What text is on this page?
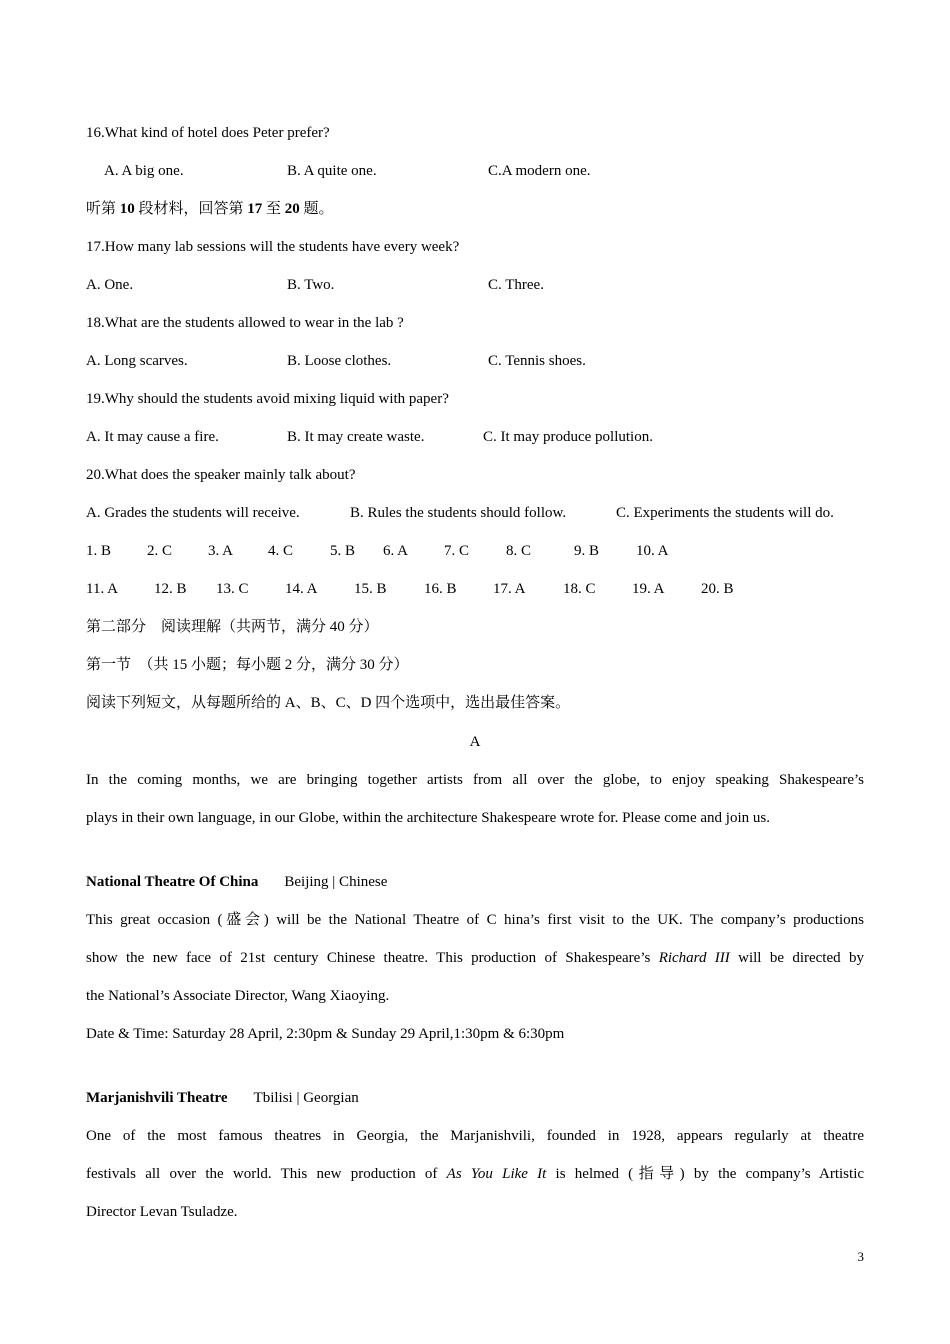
16.What kind of hotel does Peter prefer?
A. A big one.	B. A quite one.	C.A modern one.
听第 10 段材料，回答第 17 至 20 题。
17.How many lab sessions will the students have every week?
A. One.	B. Two.	C. Three.
18.What are the students allowed to wear in the lab ?
A. Long scarves.	B. Loose clothes.	C. Tennis shoes.
19.Why should the students avoid mixing liquid with paper?
A. It may cause a fire.	B. It may create waste.	C. It may produce pollution.
20.What does the speaker mainly talk about?
A. Grades the students will receive.	B. Rules the students should follow.	C. Experiments the students will do.
1. B 2. C 3. A 4. C 5. B 6. A 7. C 8. C	9. B 10. A
11. A 12. B 13. C 14. A 15. B 16. B 17. A 18. C 19. A 20. B
第二部分　阅读理解（共两节，满分 40 分）
第一节　（共 15 小题；每小题 2 分，满分 30 分）
阅读下列短文，从每题所给的 A、B、C、D 四个选项中，选出最佳答案。
A
In the coming months, we are bringing together artists from all over the globe, to enjoy speaking Shakespeare’s
plays in their own language, in our Globe, within the architecture Shakespeare wrote for. Please come and join us.
National Theatre Of China Beijing | Chinese
This great occasion (盛会) will be the National Theatre of C hina’s first visit to the UK. The company’s productions
show the new face of 21st century Chinese theatre. This production of Shakespeare’s Richard III will be directed by
the National’s Associate Director, Wang Xiaoying.
Date & Time: Saturday 28 April, 2:30pm & Sunday 29 April,1:30pm & 6:30pm
Marjanishvili Theatre Tbilisi | Georgian
One of the most famous theatres in Georgia, the Marjanishvili, founded in 1928, appears regularly at theatre
festivals all over the world. This new production of As You Like It is helmed (指导) by the company’s Artistic
Director Levan Tsuladze.
3
